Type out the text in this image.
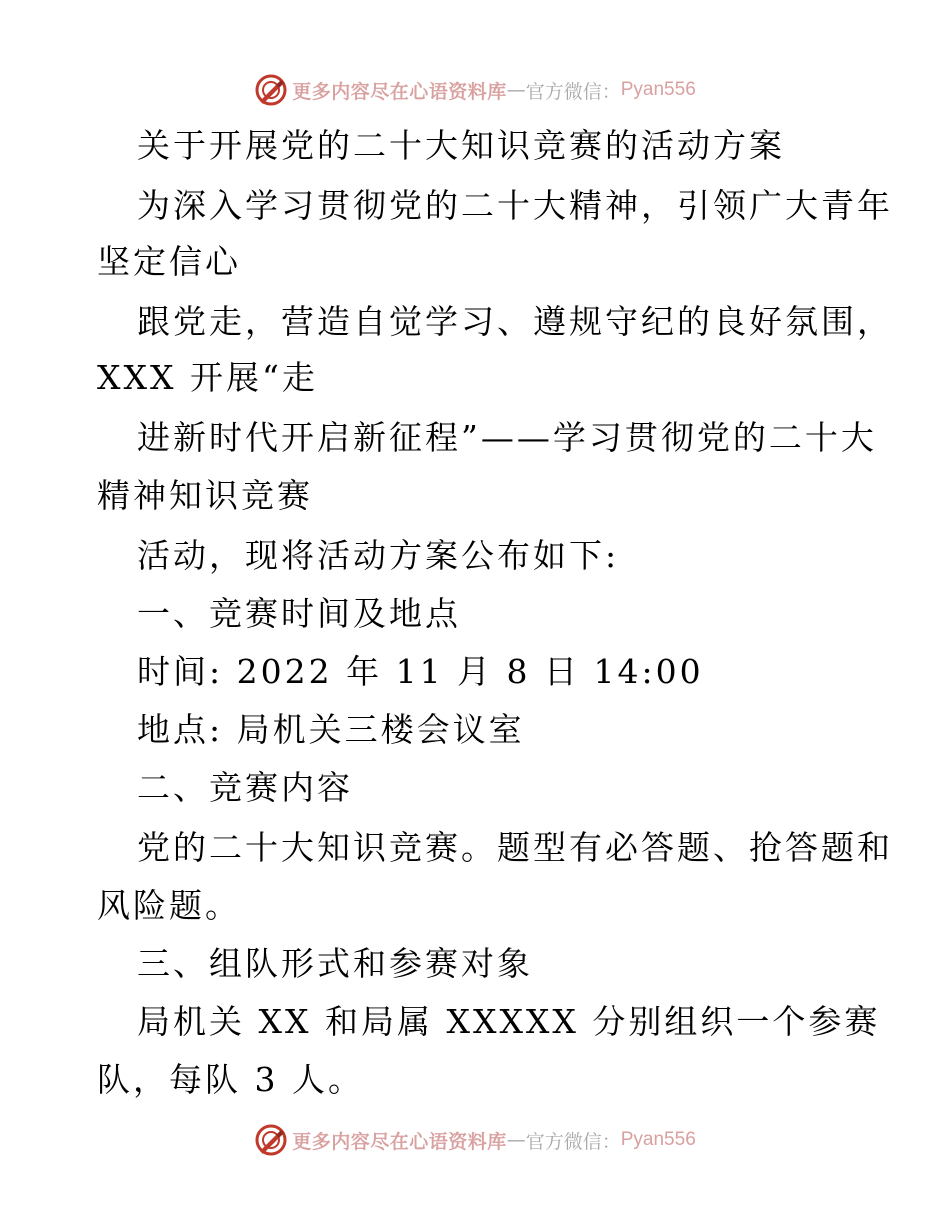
更多内容尽在心语资料库 — 官方微信： Pyan556
关于开展党的二十大知识竞赛的活动方案
为深入学习贯彻党的二十大精神，引领广大青年
坚定信心
跟党走，营造自觉学习、遵规守纪的良好氛围，
XXX 开展“走
进新时代开启新征程”——学习贯彻党的二十大
精神知识竞赛
活动，现将活动方案公布如下:
一、竞赛时间及地点
时间: 2022 年 11 月 8 日 14:00
地点: 局机关三楼会议室
二、竞赛内容
党的二十大知识竞赛。题型有必答题、抢答题和
风险题。
三、组队形式和参赛对象
局机关 XX 和局属 XXXXX 分别组织一个参赛
队，每队 3 人。
更多内容尽在心语资料库 — 官方微信： Pyan556
